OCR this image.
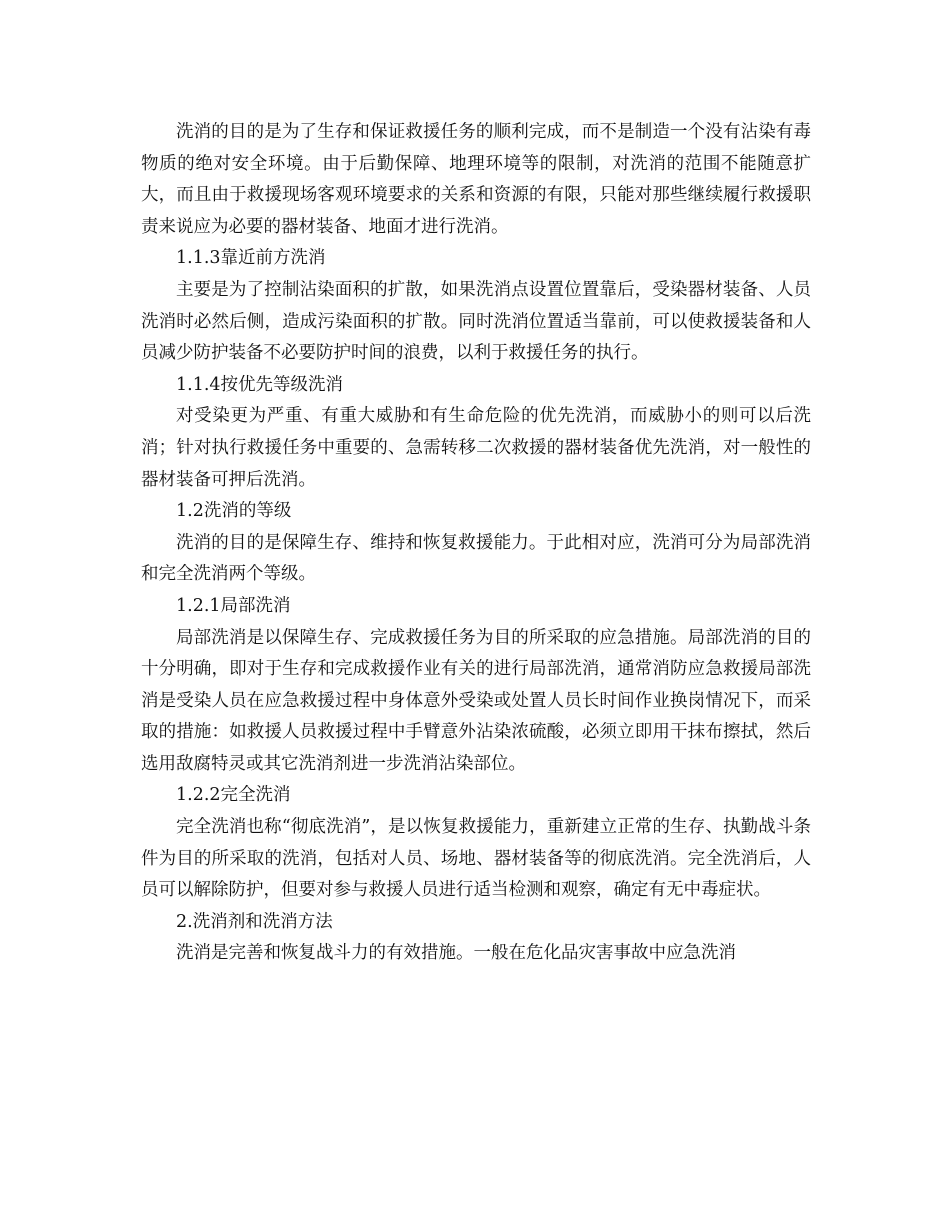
洗消的目的是为了生存和保证救援任务的顺利完成，而不是制造一个没有沾染有毒物质的绝对安全环境。由于后勤保障、地理环境等的限制，对洗消的范围不能随意扩大，而且由于救援现场客观环境要求的关系和资源的有限，只能对那些继续履行救援职责来说应为必要的器材装备、地面才进行洗消。

1.1.3靠近前方洗消

主要是为了控制沾染面积的扩散，如果洗消点设置位置靠后，受染器材装备、人员洗消时必然后侧，造成污染面积的扩散。同时洗消位置适当靠前，可以使救援装备和人员减少防护装备不必要防护时间的浪费，以利于救援任务的执行。

1.1.4按优先等级洗消

对受染更为严重、有重大威胁和有生命危险的优先洗消，而威胁小的则可以后洗消；针对执行救援任务中重要的、急需转移二次救援的器材装备优先洗消，对一般性的器材装备可押后洗消。

1.2洗消的等级

洗消的目的是保障生存、维持和恢复救援能力。于此相对应，洗消可分为局部洗消和完全洗消两个等级。

1.2.1局部洗消

局部洗消是以保障生存、完成救援任务为目的所采取的应急措施。局部洗消的目的十分明确，即对于生存和完成救援作业有关的进行局部洗消，通常消防应急救援局部洗消是受染人员在应急救援过程中身体意外受染或处置人员长时间作业换岗情况下，而采取的措施：如救援人员救援过程中手臂意外沾染浓硫酸，必须立即用干抹布擦拭，然后选用敌腐特灵或其它洗消剂进一步洗消沾染部位。

1.2.2完全洗消

完全洗消也称“彻底洗消”，是以恢复救援能力，重新建立正常的生存、执勤战斗条件为目的所采取的洗消，包括对人员、场地、器材装备等的彻底洗消。完全洗消后，人员可以解除防护，但要对参与救援人员进行适当检测和观察，确定有无中毒症状。

2.洗消剂和洗消方法

洗消是完善和恢复战斗力的有效措施。一般在危化品灾害事故中应急洗消
